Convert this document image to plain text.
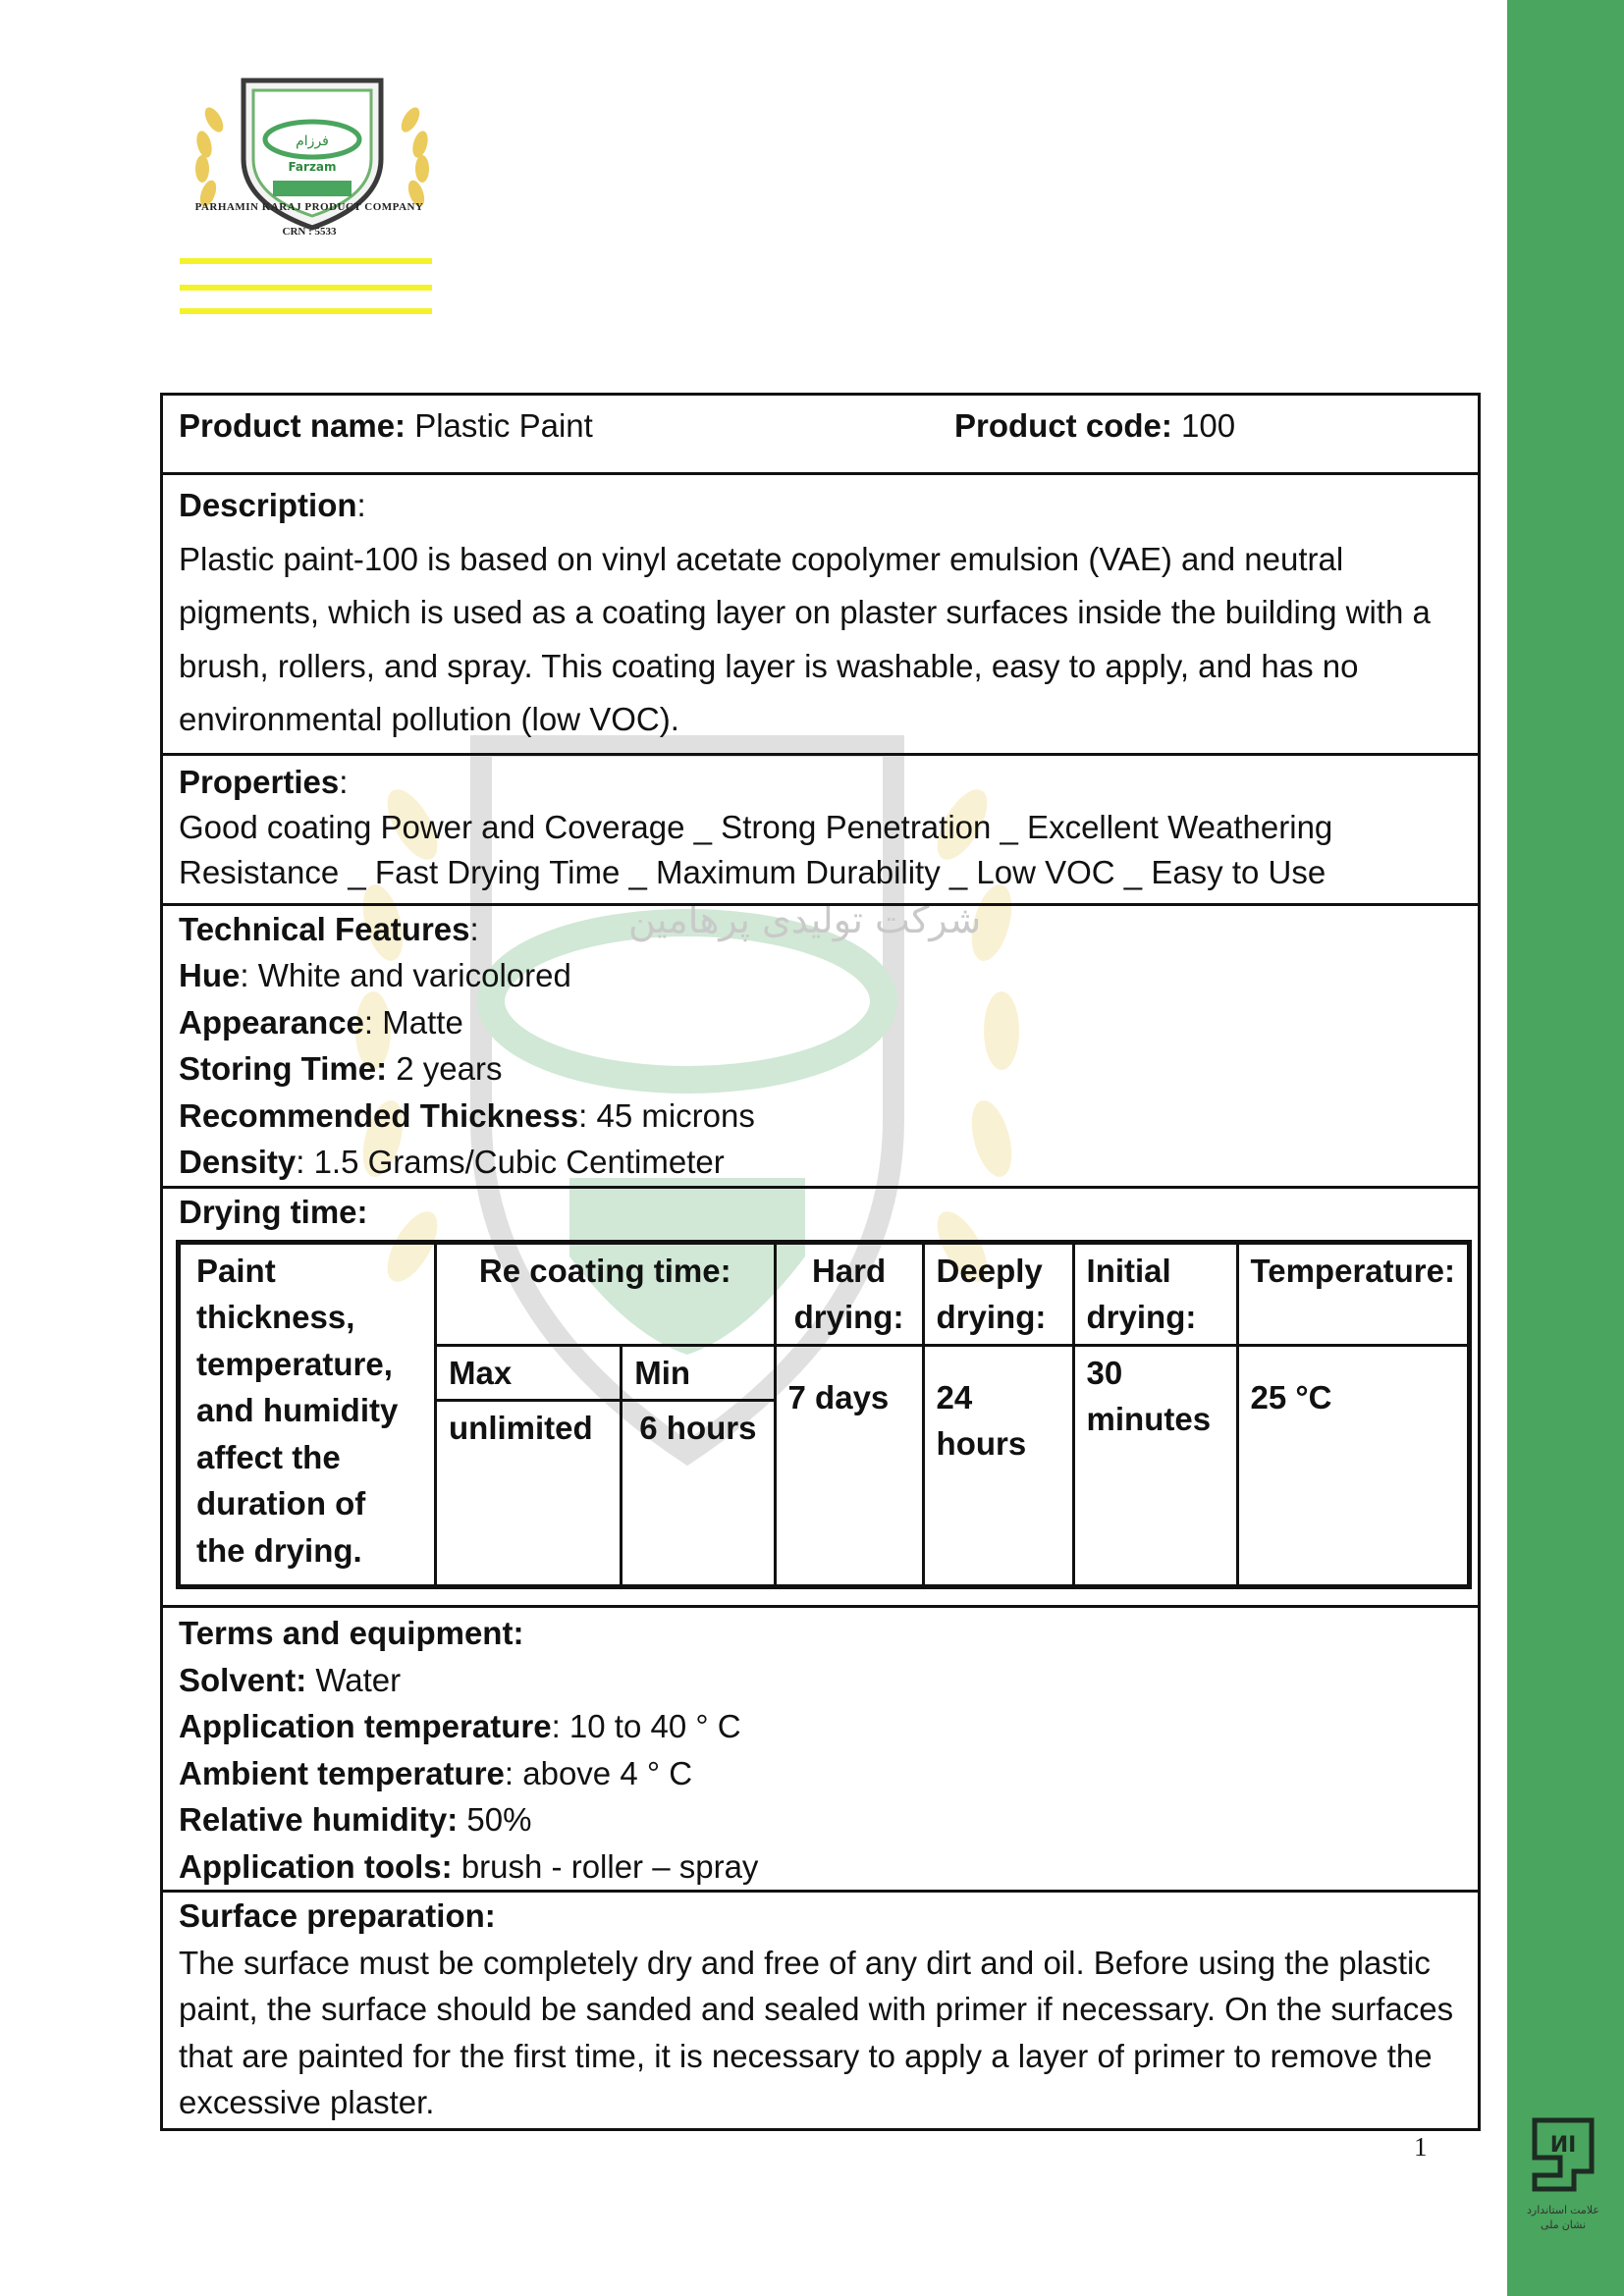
ИI
علامت استاندارد
نشان ملی
فرزام
Farzam
PARHAMIN KARAJ PRODUCT COMPANY
CRN : 5533
شرکت تولیدی پرهامین
Product name: Plastic Paint	Product code: 100
Description:
Plastic paint-100 is based on vinyl acetate copolymer emulsion (VAE) and neutral pigments, which is used as a coating layer on plaster surfaces inside the building with a brush, rollers, and spray. This coating layer is washable, easy to apply, and has no environmental pollution (low VOC).
Properties:
Good coating Power and Coverage _ Strong Penetration _ Excellent Weathering Resistance _ Fast Drying Time _ Maximum Durability _ Low VOC _ Easy to Use
Technical Features:
Hue: White and varicolored
Appearance: Matte
Storing Time: 2 years
Recommended Thickness: 45 microns
Density: 1.5 Grams/Cubic Centimeter
Drying time:
Paint thickness, temperature, and humidity affect the duration of the drying.	Re coating time:		Hard drying:	Deeply drying:	Initial drying:	Temperature:
	Max	Min	7 days	24 hours	30 minutes	25 °C
	unlimited	6 hours				
Terms and equipment:
Solvent: Water
Application temperature: 10 to 40 ° C
Ambient temperature: above 4 ° C
Relative humidity: 50%
Application tools: brush - roller – spray
Surface preparation:
The surface must be completely dry and free of any dirt and oil. Before using the plastic paint, the surface should be sanded and sealed with primer if necessary. On the surfaces that are painted for the first time, it is necessary to apply a layer of primer to remove the excessive plaster.
1
